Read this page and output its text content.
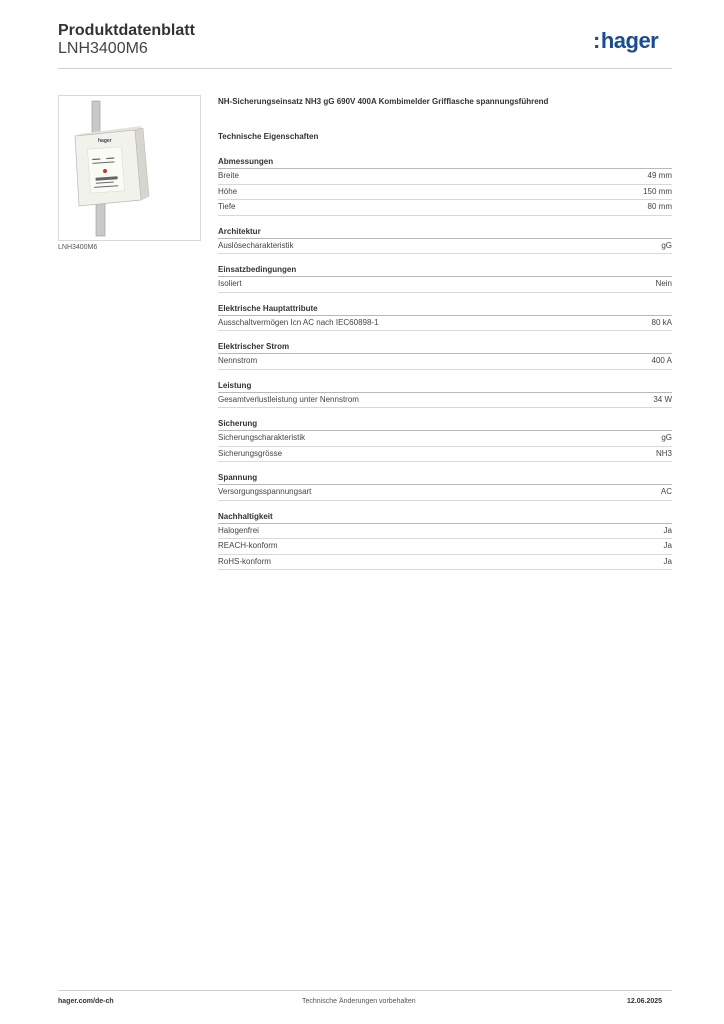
Produktdatenblatt
LNH3400M6	:hager
hager
LNH3400M6
NH-Sicherungseinsatz NH3 gG 690V 400A Kombimelder Grifflasche spannungsführend
Technische Eigenschaften
Abmessungen
Breite	49 mm
Höhe	150 mm
Tiefe	80 mm
Architektur
Auslösecharakteristik	gG
Einsatzbedingungen
Isoliert	Nein
Elektrische Hauptattribute
Ausschaltvermögen Icn AC nach IEC60898-1	80 kA
Elektrischer Strom
Nennstrom	400 A
Leistung
Gesamtverlustleistung unter Nennstrom	34 W
Sicherung
Sicherungscharakteristik	gG
Sicherungsgrösse	NH3
Spannung
Versorgungsspannungsart	AC
Nachhaltigkeit
Halogenfrei	Ja
REACH-konform	Ja
RoHS-konform	Ja
hager.com/de-ch	Technische Änderungen vorbehalten	12.06.2025
